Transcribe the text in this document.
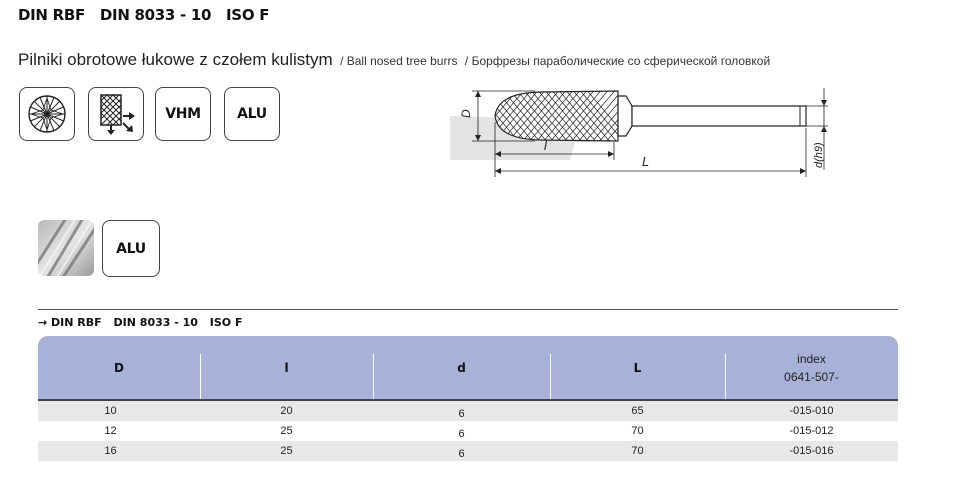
DIN RBF DIN 8033 - 10 ISO F
Pilniki obrotowe łukowe z czołem kulistym / Ball nosed tree burrs / Борфрезы параболические со сферической головкой
VHM	ALU	D
l
L	d(h9)
ALU
→ DIN RBF DIN 8033 - 10 ISO F
D	l	d	L
index
0641-507-
10	20	6	65	-015-010
12	25	6	70	-015-012
16	25	6	70	-015-016
